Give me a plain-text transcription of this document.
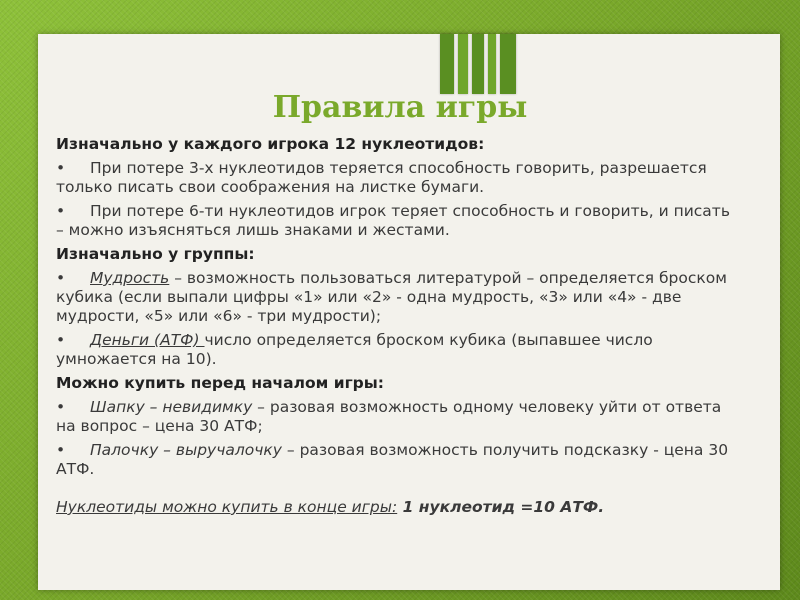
Правила игры

Изначально у каждого игрока 12 нуклеотидов:

• При потере 3-х нуклеотидов теряется способность говорить, разрешается только писать свои соображения на листке бумаги.

• При потере 6-ти нуклеотидов игрок теряет способность и говорить, и писать – можно изъясняться лишь знаками и жестами.

Изначально у группы:

• Мудрость – возможность пользоваться литературой – определяется броском кубика (если выпали цифры «1» или «2» - одна мудрость, «3» или «4» - две мудрости, «5» или «6» - три мудрости);

• Деньги (АТФ) число определяется броском кубика (выпавшее число умножается на 10).

Можно купить перед началом игры:

• Шапку – невидимку – разовая возможность одному человеку уйти от ответа на вопрос – цена 30 АТФ;

• Палочку – выручалочку – разовая возможность получить подсказку - цена 30 АТФ.

Нуклеотиды можно купить в конце игры: 1 нуклеотид =10 АТФ.
